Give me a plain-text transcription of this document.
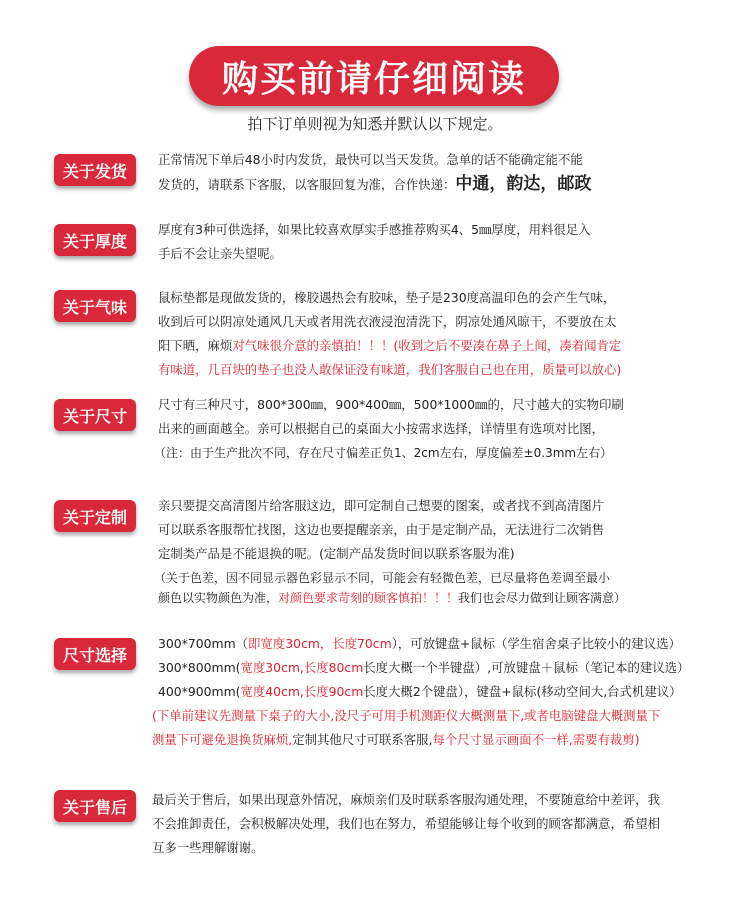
购买前请仔细阅读
拍下订单则视为知悉并默认以下规定。
关于发货
正常情况下单后48小时内发货，最快可以当天发货。急单的话不能确定能不能
发货的，请联系下客服，以客服回复为准，合作快递：中通，韵达，邮政
关于厚度
厚度有3种可供选择，如果比较喜欢厚实手感推荐购买4、5㎜厚度，用料很足入
手后不会让亲失望呢。
关于气味	鼠标垫都是现做发货的，橡胶遇热会有胶味，垫子是230度高温印色的会产生气味，
收到后可以阴凉处通风几天或者用洗衣液浸泡清洗下，阴凉处通风晾干，不要放在太
阳下晒，麻烦对气味很介意的亲慎拍！！！(收到之后不要凑在鼻子上闻，凑着闻肯定
有味道，几百块的垫子也没人敢保证没有味道，我们客服自己也在用，质量可以放心)
关于尺寸
尺寸有三种尺寸，800*300㎜，900*400㎜，500*1000㎜的，尺寸越大的实物印刷
出来的画面越全。亲可以根据自己的桌面大小按需求选择，详情里有选项对比图，
（注：由于生产批次不同，存在尺寸偏差正负1、2cm左右，厚度偏差±0.3mm左右）
关于定制
亲只要提交高清图片给客服这边，即可定制自己想要的图案，或者找不到高清图片
可以联系客服帮忙找图，这边也要提醒亲亲，由于是定制产品，无法进行二次销售
定制类产品是不能退换的呢。(定制产品发货时间以联系客服为准)
（关于色差，因不同显示器色彩显示不同，可能会有轻微色差，已尽量将色差调至最小
颜色以实物颜色为准，对颜色要求苛刻的顾客慎拍！！！我们也会尽力做到让顾客满意）
尺寸选择
300*700mm（即宽度30cm，长度70cm），可放键盘+鼠标（学生宿舍桌子比较小的建议选）
300*800mm(宽度30cm,长度80cm长度大概一个半键盘）,可放键盘＋鼠标（笔记本的建议选）
400*900mm(宽度40cm,长度90cm长度大概2个键盘），键盘+鼠标(移动空间大,台式机建议）
(下单前建议先测量下桌子的大小,没尺子可用手机测距仪大概测量下,或者电脑键盘大概测量下
测量下可避免退换货麻烦,定制其他尺寸可联系客服,每个尺寸显示画面不一样,需要有裁剪)
关于售后	最后关于售后，如果出现意外情况，麻烦亲们及时联系客服沟通处理，不要随意给中差评，我
不会推卸责任，会积极解决处理，我们也在努力，希望能够让每个收到的顾客都满意，希望相
互多一些理解谢谢。
